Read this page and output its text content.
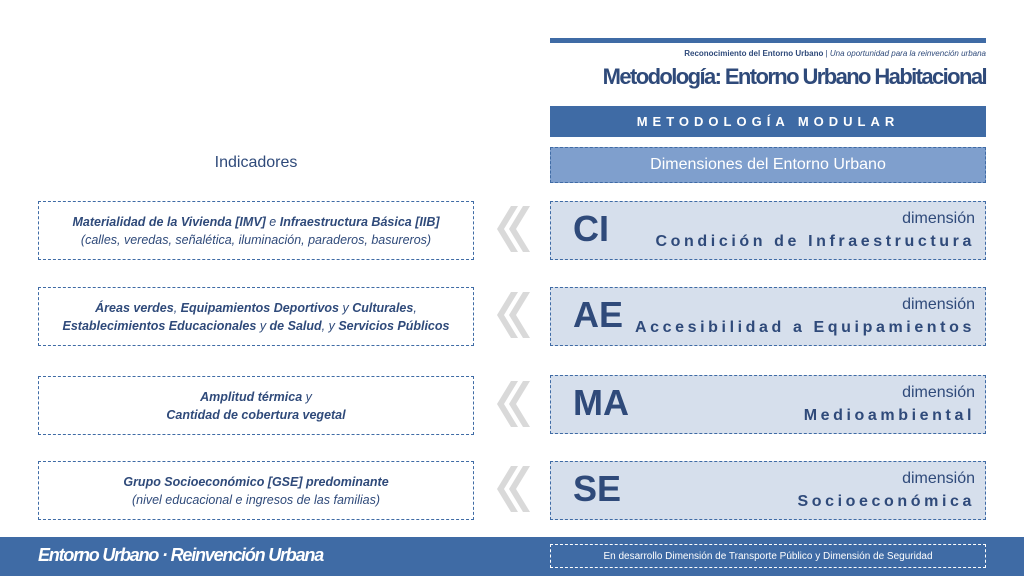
Reconocimiento del Entorno Urbano | Una oportunidad para la reinvención urbana
Metodología: Entorno Urbano Habitacional
METODOLOGÍA MODULAR
Indicadores	Dimensiones del Entorno Urbano
Materialidad de la Vivienda [IMV] e Infraestructura Básica [IIB]
(calles, veredas, señalética, iluminación, paraderos, basureros)	CI	dimensión
Condición de Infraestructura
Áreas verdes, Equipamientos Deportivos y Culturales,
Establecimientos Educacionales y de Salud, y Servicios Públicos	AE	dimensión
Accesibilidad a Equipamientos
Amplitud térmica y
Cantidad de cobertura vegetal	MA	dimensión
Medioambiental
Grupo Socioeconómico [GSE] predominante
(nivel educacional e ingresos de las familias)	SE	dimensión
Socioeconómica
Entorno Urbano · Reinvención Urbana	En desarrollo Dimensión de Transporte Público y Dimensión de Seguridad
